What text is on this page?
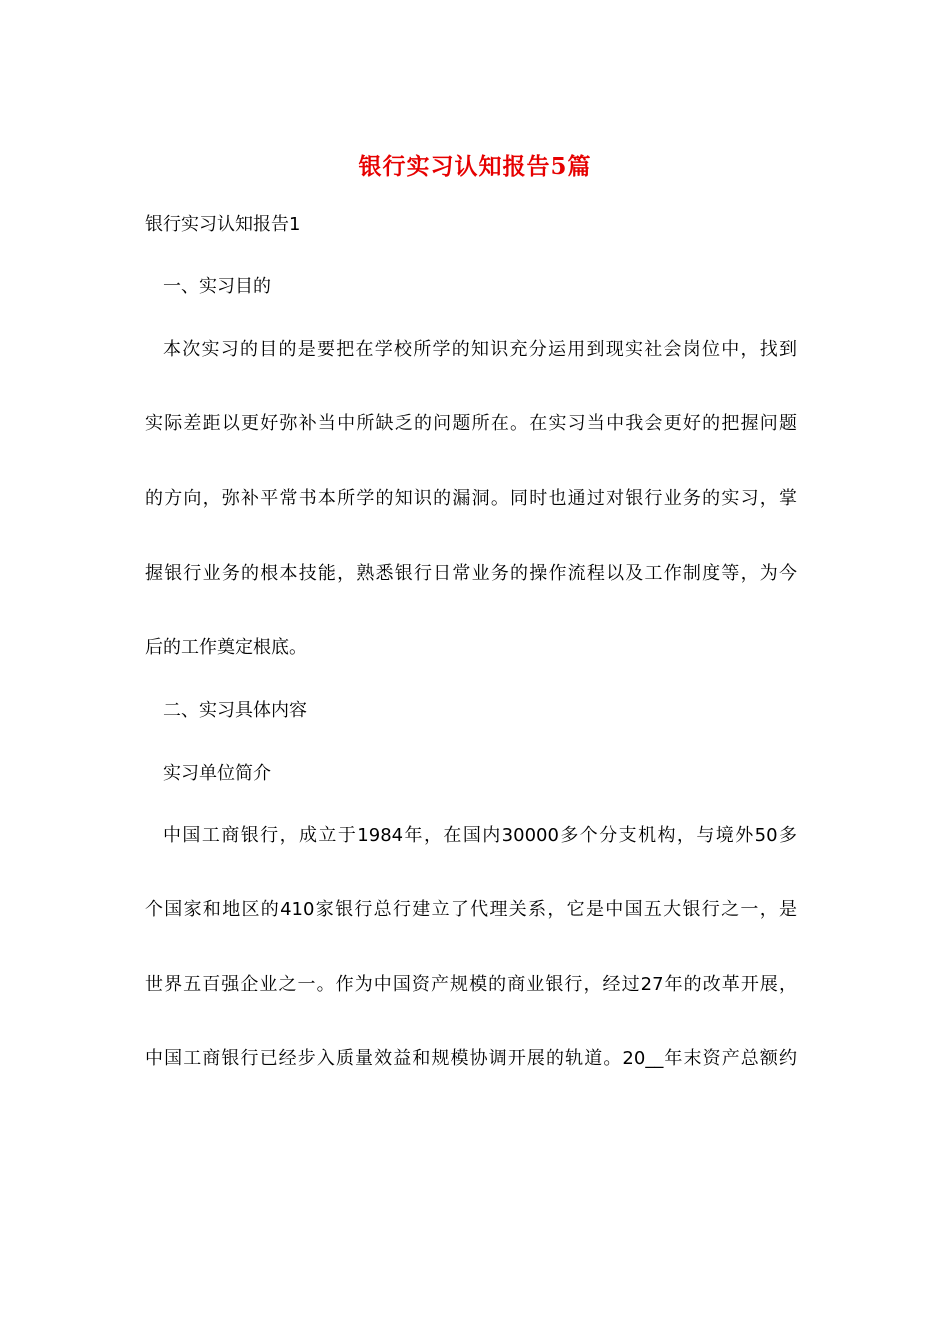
银行实习认知报告5篇
银行实习认知报告1
一、实习目的
本次实习的目的是要把在学校所学的知识充分运用到现实社会岗位中，找到
实际差距以更好弥补当中所缺乏的问题所在。在实习当中我会更好的把握问题
的方向，弥补平常书本所学的知识的漏洞。同时也通过对银行业务的实习，掌
握银行业务的根本技能，熟悉银行日常业务的操作流程以及工作制度等，为今
后的工作奠定根底。
二、实习具体内容
实习单位简介
中国工商银行，成立于1984年，在国内30000多个分支机构，与境外50多
个国家和地区的410家银行总行建立了代理关系，它是中国五大银行之一，是
世界五百强企业之一。作为中国资产规模的商业银行，经过27年的改革开展，
中国工商银行已经步入质量效益和规模协调开展的轨道。20__年末资产总额约
